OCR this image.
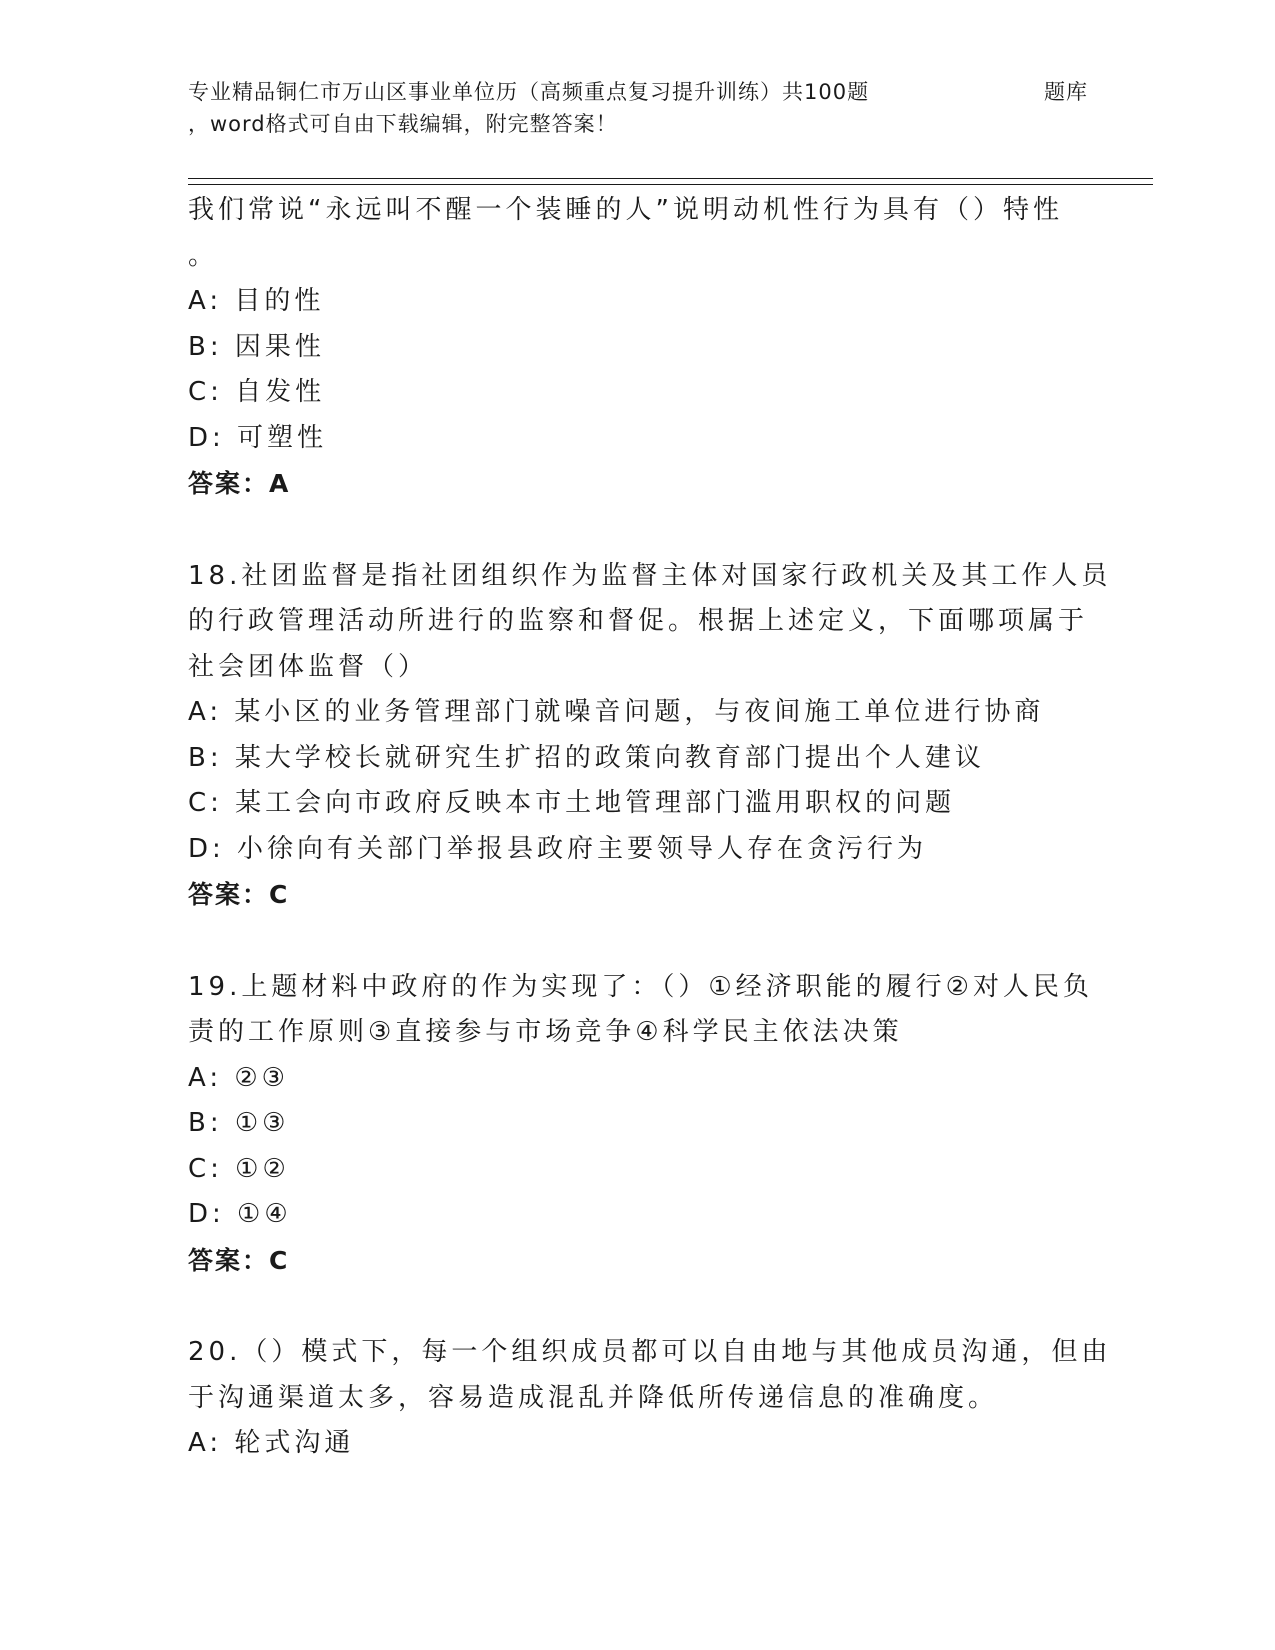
专业精品铜仁市万山区事业单位历（高频重点复习提升训练）共100题	题库
，word格式可自由下载编辑，附完整答案！
我们常说“永远叫不醒一个装睡的人”说明动机性行为具有（）特性
。
A: 目的性
B: 因果性
C: 自发性
D: 可塑性
答案：A
18.社团监督是指社团组织作为监督主体对国家行政机关及其工作人员
的行政管理活动所进行的监察和督促。根据上述定义，下面哪项属于
社会团体监督（）
A: 某小区的业务管理部门就噪音问题，与夜间施工单位进行协商
B: 某大学校长就研究生扩招的政策向教育部门提出个人建议
C: 某工会向市政府反映本市土地管理部门滥用职权的问题
D: 小徐向有关部门举报县政府主要领导人存在贪污行为
答案：C
19.上题材料中政府的作为实现了：（）①经济职能的履行②对人民负
责的工作原则③直接参与市场竞争④科学民主依法决策
A: ②③
B: ①③
C: ①②
D: ①④
答案：C
20.（）模式下，每一个组织成员都可以自由地与其他成员沟通，但由
于沟通渠道太多，容易造成混乱并降低所传递信息的准确度。
A: 轮式沟通
